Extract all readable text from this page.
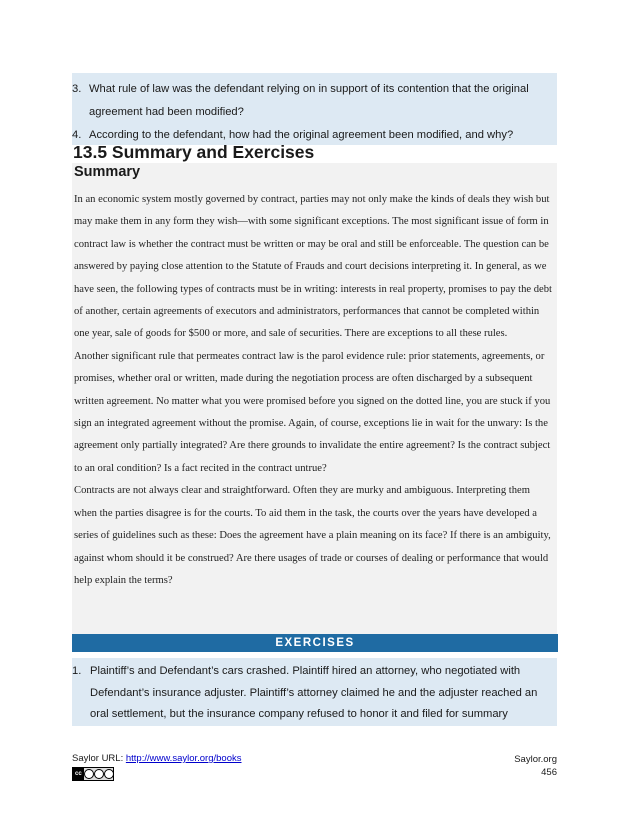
3. What rule of law was the defendant relying on in support of its contention that the original agreement had been modified?
4. According to the defendant, how had the original agreement been modified, and why?
13.5 Summary and Exercises
Summary

In an economic system mostly governed by contract, parties may not only make the kinds of deals they wish but may make them in any form they wish—with some significant exceptions. The most significant issue of form in contract law is whether the contract must be written or may be oral and still be enforceable. The question can be answered by paying close attention to the Statute of Frauds and court decisions interpreting it. In general, as we have seen, the following types of contracts must be in writing: interests in real property, promises to pay the debt of another, certain agreements of executors and administrators, performances that cannot be completed within one year, sale of goods for $500 or more, and sale of securities. There are exceptions to all these rules.

Another significant rule that permeates contract law is the parol evidence rule: prior statements, agreements, or promises, whether oral or written, made during the negotiation process are often discharged by a subsequent written agreement. No matter what you were promised before you signed on the dotted line, you are stuck if you sign an integrated agreement without the promise. Again, of course, exceptions lie in wait for the unwary: Is the agreement only partially integrated? Are there grounds to invalidate the entire agreement? Is the contract subject to an oral condition? Is a fact recited in the contract untrue?

Contracts are not always clear and straightforward. Often they are murky and ambiguous. Interpreting them when the parties disagree is for the courts. To aid them in the task, the courts over the years have developed a series of guidelines such as these: Does the agreement have a plain meaning on its face? If there is an ambiguity, against whom should it be construed? Are there usages of trade or courses of dealing or performance that would help explain the terms?

EXERCISES
1. Plaintiff’s and Defendant’s cars crashed. Plaintiff hired an attorney, who negotiated with Defendant’s insurance adjuster. Plaintiff’s attorney claimed he and the adjuster reached an oral settlement, but the insurance company refused to honor it and filed for summary
Saylor URL: http://www.saylor.org/books
cc
Saylor.org
456
